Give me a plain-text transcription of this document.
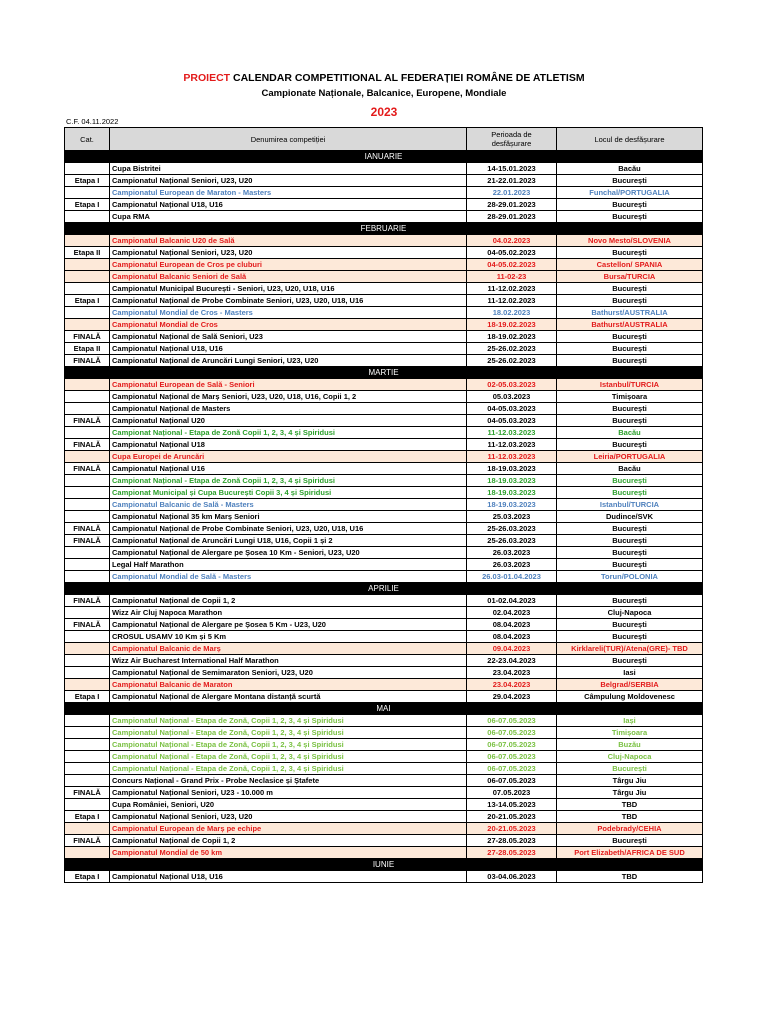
PROIECT CALENDAR COMPETITIONAL AL FEDERAȚIEI ROMÂNE DE ATLETISM
Campionate Naționale, Balcanice, Europene, Mondiale
2023
C.F. 04.11.2022
Cat.	Denumirea competiției	Perioada de desfășurare	Locul de desfășurare
IANUARIE			
	Cupa Bistritei	14-15.01.2023	Bacău
Etapa I	Campionatul Național Seniori, U23, U20	21-22.01.2023	București
	Campionatul European de Maraton - Masters	22.01.2023	Funchal/PORTUGALIA
Etapa I	Campionatul Național U18, U16	28-29.01.2023	București
	Cupa RMA	28-29.01.2023	București
FEBRUARIE			
	Campionatul Balcanic U20 de Sală	04.02.2023	Novo Mesto/SLOVENIA
Etapa II	Campionatul Național Seniori, U23, U20	04-05.02.2023	București
	Campionatul European de Cros pe cluburi	04-05.02.2023	Castellon/ SPANIA
	Campionatul Balcanic Seniori de Sală	11-02-23	Bursa/TURCIA
	Campionatul Municipal București - Seniori, U23, U20, U18, U16	11-12.02.2023	București
Etapa I	Campionatul Național de Probe Combinate Seniori, U23, U20, U18, U16	11-12.02.2023	București
	Campionatul Mondial de Cros - Masters	18.02.2023	Bathurst/AUSTRALIA
	Campionatul Mondial de Cros	18-19.02.2023	Bathurst/AUSTRALIA
FINALĂ	Campionatul Național de Sală Seniori, U23	18-19.02.2023	București
Etapa II	Campionatul Național U18, U16	25-26.02.2023	București
FINALĂ	Campionatul Național de Aruncări Lungi Seniori, U23, U20	25-26.02.2023	București
MARTIE			
	Campionatul European de Sală - Seniori	02-05.03.2023	Istanbul/TURCIA
	Campionatul Național de Marș Seniori, U23, U20, U18, U16, Copii 1, 2	05.03.2023	Timișoara
	Campionatul Național de Masters	04-05.03.2023	București
FINALĂ	Campionatul Național U20	04-05.03.2023	București
	Campionat Național - Etapa de Zonă Copii 1, 2, 3, 4 și Spiridusi	11-12.03.2023	Bacău
FINALĂ	Campionatul Național U18	11-12.03.2023	București
	Cupa Europei de Aruncări	11-12.03.2023	Leiria/PORTUGALIA
FINALĂ	Campionatul Național U16	18-19.03.2023	Bacău
	Campionat Național - Etapa de Zonă Copii 1, 2, 3, 4 și Spiridusi	18-19.03.2023	București
	Campionat Municipal și Cupa București Copii 3, 4 și Spiridusi	18-19.03.2023	București
	Campionatul Balcanic de Sală - Masters	18-19.03.2023	Istanbul/TURCIA
	Campionatul Național 35 km Marș Seniori	25.03.2023	Dudince/SVK
FINALĂ	Campionatul Național de Probe Combinate Seniori, U23, U20, U18, U16	25-26.03.2023	București
FINALĂ	Campionatul Național de Aruncări Lungi U18, U16, Copii 1 și 2	25-26.03.2023	București
	Campionatul Național de Alergare pe Șosea 10 Km - Seniori, U23, U20	26.03.2023	București
	Legal Half Marathon	26.03.2023	București
	Campionatul Mondial de Sală - Masters	26.03-01.04.2023	Torun/POLONIA
APRILIE			
FINALĂ	Campionatul Național de Copii 1, 2	01-02.04.2023	București
	Wizz Air Cluj Napoca Marathon	02.04.2023	Cluj-Napoca
FINALĂ	Campionatul Național de Alergare pe Șosea 5 Km - U23, U20	08.04.2023	București
	CROSUL USAMV 10 Km și 5 Km	08.04.2023	București
	Campionatul Balcanic de Marș	09.04.2023	Kirklareli(TUR)/Atena(GRE)- TBD
	Wizz Air Bucharest International Half Marathon	22-23.04.2023	București
	Campionatul Național de Semimaraton Seniori, U23, U20	23.04.2023	Iasi
	Campionatul Balcanic de Maraton	23.04.2023	Belgrad/SERBIA
Etapa I	Campionatul Național de Alergare Montana distanță scurtă	29.04.2023	Câmpulung Moldovenesc
MAI			
	Campionatul Național - Etapa de Zonă, Copii 1, 2, 3, 4 și Spiridusi	06-07.05.2023	Iași
	Campionatul Național - Etapa de Zonă, Copii 1, 2, 3, 4 și Spiridusi	06-07.05.2023	Timișoara
	Campionatul Național - Etapa de Zonă, Copii 1, 2, 3, 4 și Spiridusi	06-07.05.2023	Buzău
	Campionatul Național - Etapa de Zonă, Copii 1, 2, 3, 4 și Spiridusi	06-07.05.2023	Cluj-Napoca
	Campionatul Național - Etapa de Zonă, Copii 1, 2, 3, 4 și Spiridusi	06-07.05.2023	București
	Concurs Național - Grand Prix - Probe Neclasice și Ștafete	06-07.05.2023	Târgu Jiu
FINALĂ	Campionatul Național Seniori, U23 - 10.000 m	07.05.2023	Târgu Jiu
	Cupa României, Seniori, U20	13-14.05.2023	TBD
Etapa I	Campionatul Național Seniori, U23, U20	20-21.05.2023	TBD
	Campionatul European de Marș pe echipe	20-21.05.2023	Podebrady/CEHIA
FINALĂ	Campionatul Național de Copii 1, 2	27-28.05.2023	București
	Campionatul Mondial de 50 km	27-28.05.2023	Port Elizabeth/AFRICA DE SUD
IUNIE			
Etapa I	Campionatul Național U18, U16	03-04.06.2023	TBD
